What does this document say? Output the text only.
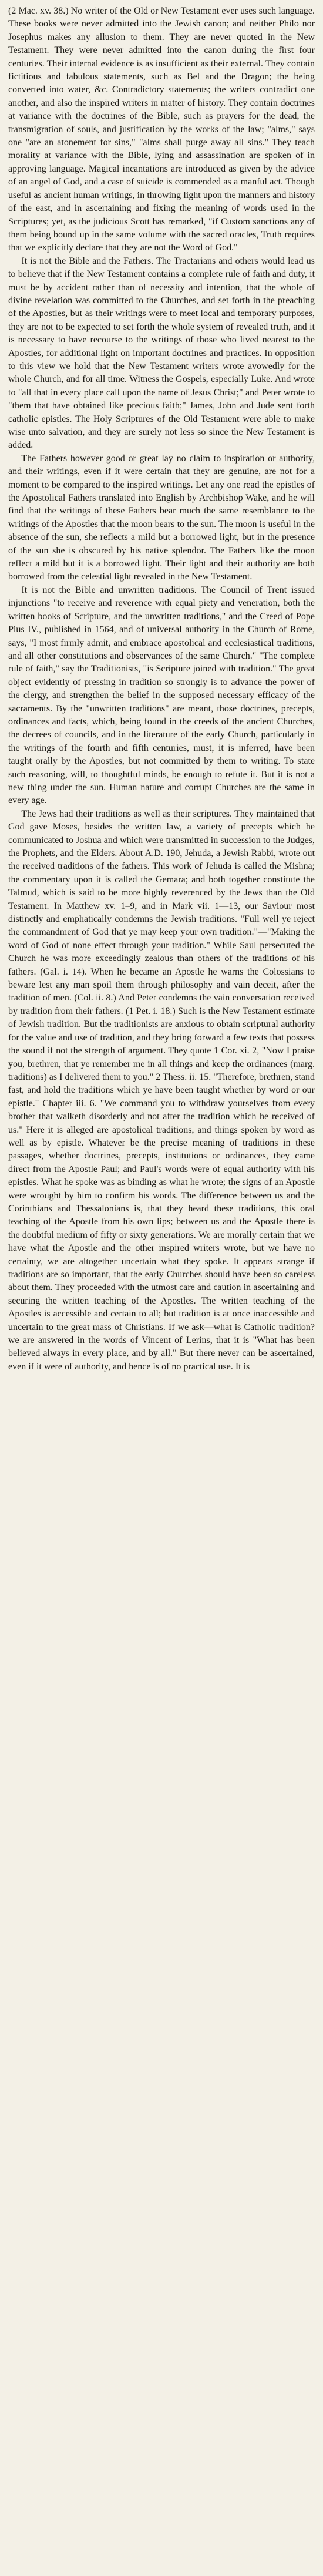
(2 Mac. xv. 38.) No writer of the Old or New Testament ever uses such language. These books were never admitted into the Jewish canon; and neither Philo nor Josephus makes any allusion to them. They are never quoted in the New Testament. They were never admitted into the canon during the first four centuries. Their internal evidence is as insufficient as their external. They contain fictitious and fabulous statements, such as Bel and the Dragon; the being converted into water, &c. Contradictory statements; the writers contradict one another, and also the inspired writers in matter of history. They contain doctrines at variance with the doctrines of the Bible, such as prayers for the dead, the transmigration of souls, and justification by the works of the law; "alms," says one "are an atonement for sins," "alms shall purge away all sins." They teach morality at variance with the Bible, lying and assassination are spoken of in approving language. Magical incantations are introduced as given by the advice of an angel of God, and a case of suicide is commended as a manful act. Though useful as ancient human writings, in throwing light upon the manners and history of the east, and in ascertaining and fixing the meaning of words used in the Scriptures; yet, as the judicious Scott has remarked, "if Custom sanctions any of them being bound up in the same volume with the sacred oracles, Truth requires that we explicitly declare that they are not the Word of God."

It is not the Bible and the Fathers. The Tractarians and others would lead us to believe that if the New Testament contains a complete rule of faith and duty, it must be by accident rather than of necessity and intention, that the whole of divine revelation was committed to the Churches, and set forth in the preaching of the Apostles, but as their writings were to meet local and temporary purposes, they are not to be expected to set forth the whole system of revealed truth, and it is necessary to have recourse to the writings of those who lived nearest to the Apostles, for additional light on important doctrines and practices. In opposition to this view we hold that the New Testament writers wrote avowedly for the whole Church, and for all time. Witness the Gospels, especially Luke. And wrote to "all that in every place call upon the name of Jesus Christ;" and Peter wrote to "them that have obtained like precious faith;" James, John and Jude sent forth catholic epistles. The Holy Scriptures of the Old Testament were able to make wise unto salvation, and they are surely not less so since the New Testament is added.

The Fathers however good or great lay no claim to inspiration or authority, and their writings, even if it were certain that they are genuine, are not for a moment to be compared to the inspired writings. Let any one read the epistles of the Apostolical Fathers translated into English by Archbishop Wake, and he will find that the writings of these Fathers bear much the same resemblance to the writings of the Apostles that the moon bears to the sun. The moon is useful in the absence of the sun, she reflects a mild but a borrowed light, but in the presence of the sun she is obscured by his native splendor. The Fathers like the moon reflect a mild but it is a borrowed light. Their light and their authority are both borrowed from the celestial light revealed in the New Testament.

It is not the Bible and unwritten traditions. The Council of Trent issued injunctions "to receive and reverence with equal piety and veneration, both the written books of Scripture, and the unwritten traditions," and the Creed of Pope Pius IV., published in 1564, and of universal authority in the Church of Rome, says, "I most firmly admit, and embrace apostolical and ecclesiastical traditions, and all other constitutions and observances of the same Church." "The complete rule of faith," say the Traditionists, "is Scripture joined with tradition." The great object evidently of pressing in tradition so strongly is to advance the power of the clergy, and strengthen the belief in the supposed necessary efficacy of the sacraments. By the "unwritten traditions" are meant, those doctrines, precepts, ordinances and facts, which, being found in the creeds of the ancient Churches, the decrees of councils, and in the literature of the early Church, particularly in the writings of the fourth and fifth centuries, must, it is inferred, have been taught orally by the Apostles, but not committed by them to writing. To state such reasoning, will, to thoughtful minds, be enough to refute it. But it is not a new thing under the sun. Human nature and corrupt Churches are the same in every age.

The Jews had their traditions as well as their scriptures. They maintained that God gave Moses, besides the written law, a variety of precepts which he communicated to Joshua and which were transmitted in succession to the Judges, the Prophets, and the Elders. About A.D. 190, Jehuda, a Jewish Rabbi, wrote out the received traditions of the fathers. This work of Jehuda is called the Mishna; the commentary upon it is called the Gemara; and both together constitute the Talmud, which is said to be more highly reverenced by the Jews than the Old Testament. In Matthew xv. 1–9, and in Mark vii. 1—13, our Saviour most distinctly and emphatically condemns the Jewish traditions. "Full well ye reject the commandment of God that ye may keep your own tradition."—"Making the word of God of none effect through your tradition." While Saul persecuted the Church he was more exceedingly zealous than others of the traditions of his fathers. (Gal. i. 14). When he became an Apostle he warns the Colossians to beware lest any man spoil them through philosophy and vain deceit, after the tradition of men. (Col. ii. 8.) And Peter condemns the vain conversation received by tradition from their fathers. (1 Pet. i. 18.) Such is the New Testament estimate of Jewish tradition. But the traditionists are anxious to obtain scriptural authority for the value and use of tradition, and they bring forward a few texts that possess the sound if not the strength of argument. They quote 1 Cor. xi. 2, "Now I praise you, brethren, that ye remember me in all things and keep the ordinances (marg. traditions) as I delivered them to you." 2 Thess. ii. 15. "Therefore, brethren, stand fast, and hold the traditions which ye have been taught whether by word or our epistle." Chapter iii. 6. "We command you to withdraw yourselves from every brother that walketh disorderly and not after the tradition which he received of us." Here it is alleged are apostolical traditions, and things spoken by word as well as by epistle. Whatever be the precise meaning of traditions in these passages, whether doctrines, precepts, institutions or ordinances, they came direct from the Apostle Paul; and Paul's words were of equal authority with his epistles. What he spoke was as binding as what he wrote; the signs of an Apostle were wrought by him to confirm his words. The difference between us and the Corinthians and Thessalonians is, that they heard these traditions, this oral teaching of the Apostle from his own lips; between us and the Apostle there is the doubtful medium of fifty or sixty generations. We are morally certain that we have what the Apostle and the other inspired writers wrote, but we have no certainty, we are altogether uncertain what they spoke. It appears strange if traditions are so important, that the early Churches should have been so careless about them. They proceeded with the utmost care and caution in ascertaining and securing the written teaching of the Apostles. The written teaching of the Apostles is accessible and certain to all; but tradition is at once inaccessible and uncertain to the great mass of Christians. If we ask—what is Catholic tradition? we are answered in the words of Vincent of Lerins, that it is "What has been believed always in every place, and by all." But there never can be ascertained, even if it were of authority, and hence is of no practical use. It is
